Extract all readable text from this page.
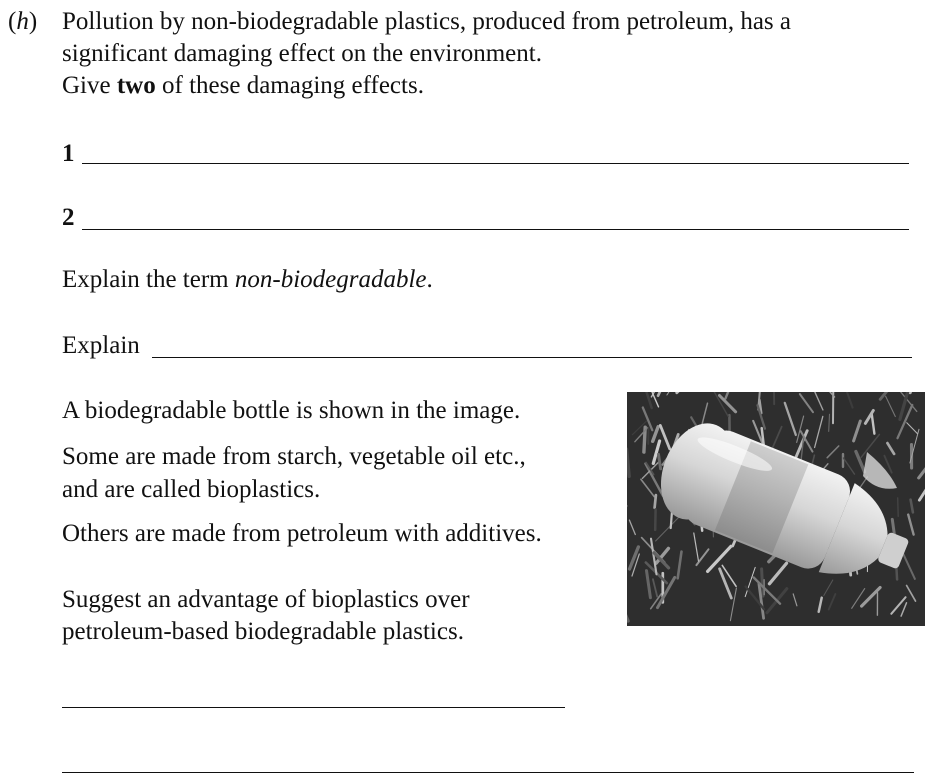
(h) Pollution by non-biodegradable plastics, produced from petroleum, has a
significant damaging effect on the environment.
Give two of these damaging effects.
1
2
Explain the term non-biodegradable.
Explain
A biodegradable bottle is shown in the image.
Some are made from starch, vegetable oil etc.,
and are called bioplastics.
Others are made from petroleum with additives.
Suggest an advantage of bioplastics over
petroleum-based biodegradable plastics.
